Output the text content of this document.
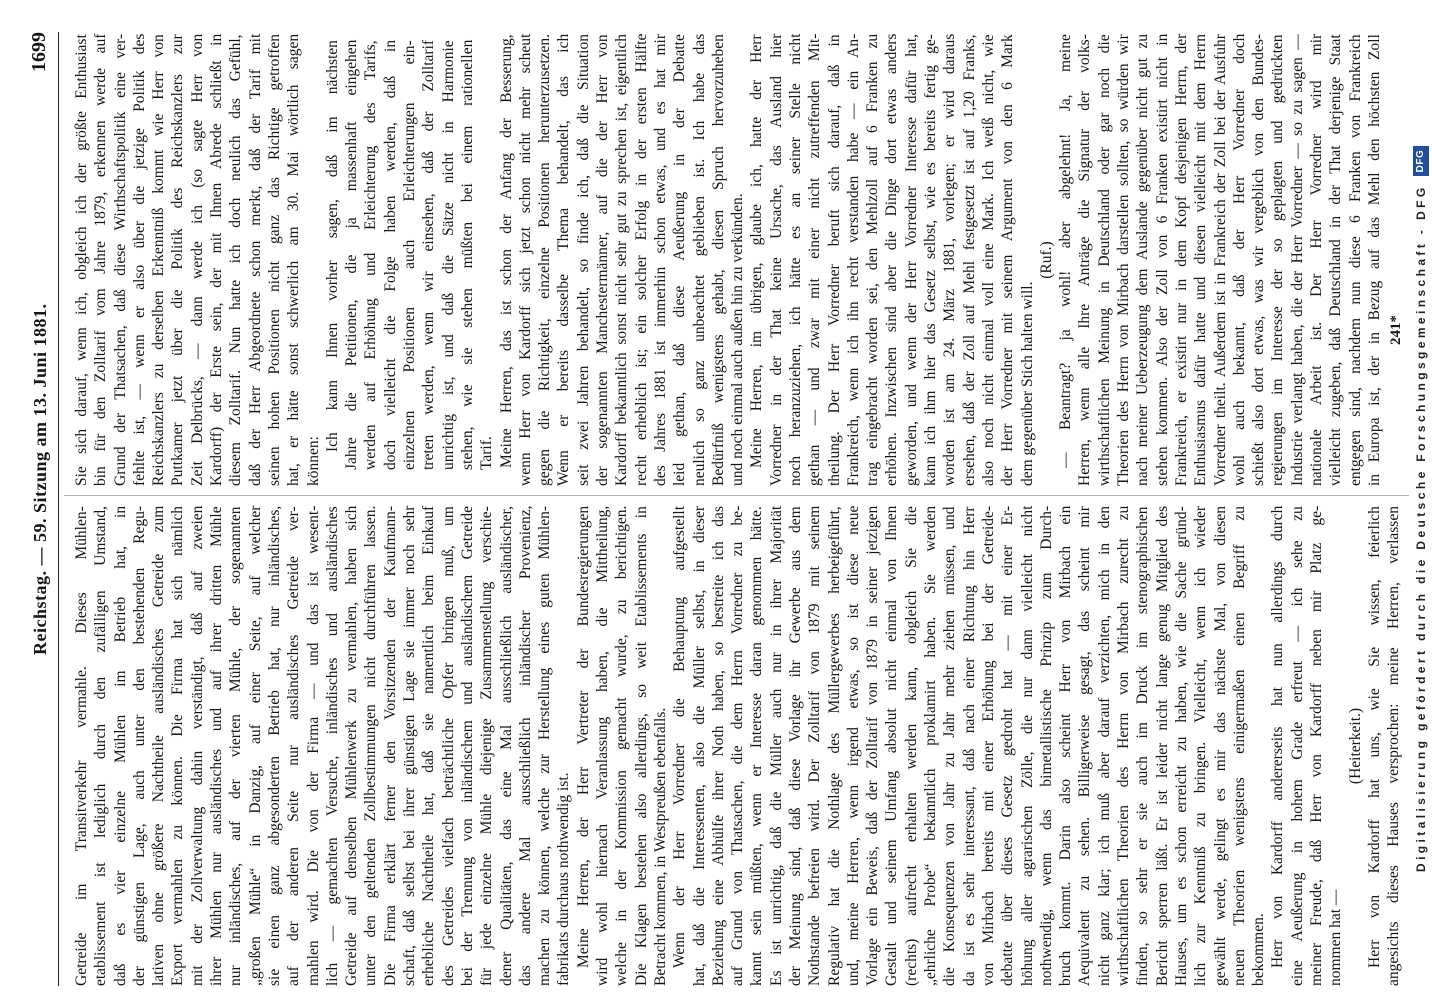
Reichstag. — 59. Sitzung am 13. Juni 1881.
1699
Getreide im Transitverkehr vermahle. Dieses Mühlen- etablissement ist lediglich durch den zufälligen Umstand, daß es vier einzelne Mühlen im Betrieb hat, in der günstigen Lage, auch unter den bestehenden Regu- lativen ohne größere Nachtheile ausländisches Getreide zum Export vermahlen zu können. Die Firma hat sich nämlich mit der Zollverwaltung dahin verständigt, daß auf zweien ihrer Mühlen nur ausländisches und auf ihrer dritten Mühle nur inländisches, auf der vierten Mühle, der sogenannten „großen Mühle“ in Danzig, auf einer Seite, auf welcher sie einen ganz abgesonderten Betrieb hat, nur inländisches, auf der anderen Seite nur ausländisches Getreide ver- mahlen wird. Die von der Firma — und das ist wesent- lich — gemachten Versuche, inländisches und ausländisches Getreide auf denselben Mühlenwerk zu vermahlen, haben sich unter den geltenden Zollbestimmungen nicht durchführen lassen. Die Firma erklärt ferner den Vorsitzenden der Kaufmann- schaft, daß selbst bei ihrer günstigen Lage sie immer noch sehr erhebliche Nachtheile hat, daß sie namentlich beim Einkauf des Getreides vielfach beträchtliche Opfer bringen muß, um bei der Trennung von inländischem und ausländischem Getreide für jede einzelne Mühle diejenige Zusammenstellung verschie- dener Qualitäten, das eine Mal ausschließlich ausländischer, das andere Mal ausschließlich inländischer Provenienz, machen zu können, welche zur Herstellung eines guten Mühlen- fabrikats durchaus nothwendig ist. Meine Herren, der Herr Vertreter der Bundesregierungen wird wohl hiernach Veranlassung haben, die Mittheilung, welche in der Kommission gemacht wurde, zu berichtigen. Die Klagen bestehen also allerdings, so weit Etablissements in Betracht kommen, in Westpreußen ebenfalls. Wenn der Herr Vorredner die Behauptung aufgestellt hat, daß die Interessenten, also die Müller selbst, in dieser Beziehung eine Abhülfe ihrer Noth haben, so bestreite ich das auf Grund von Thatsachen, die dem Herrn Vorredner zu be- kannt sein müßten, wenn er Interesse daran genommen hätte. Es ist unrichtig, daß die Müller auch nur in ihrer Majorität der Meinung sind, daß diese Vorlage ihr Gewerbe aus dem Nothstande befreien wird. Der Zolltarif von 1879 mit seinem Regulativ hat die Nothlage des Müllergewerbes herbeigeführt, und, meine Herren, wenn irgend etwas, so ist diese neue Vorlage ein Beweis, daß der Zolltarif von 1879 in seiner jetzigen Gestalt und seinem Umfang absolut nicht einmal von Ihnen (rechts) aufrecht erhalten werden kann, obgleich Sie die „ehrliche Probe“ bekanntlich proklamirt haben. Sie werden die Konsequenzen von Jahr zu Jahr mehr ziehen müssen, und da ist es sehr interessant, daß nach einer Richtung hin Herr von Mirbach bereits mit einer Erhöhung bei der Getreide- debatte über dieses Gesetz gedroht hat — mit einer Er- höhung aller agrarischen Zölle, die nur dann vielleicht nicht nothwendig, wenn das bimetallistische Prinzip zum Durch- bruch kommt. Darin also scheint Herr von Mirbach ein Aequivalent zu sehen. Billigerweise gesagt, das scheint mir nicht ganz klar; ich muß aber darauf verzichten, mich in den wirthschaftlichen Theorien des Herrn von Mirbach zurecht zu finden, so sehr er sie auch im Druck im stenographischen Bericht sperren läßt. Er ist leider nicht lange genug Mitglied des Hauses, um es schon erreicht zu haben, wie die Sache gründ- lich zur Kenntniß zu bringen. Vielleicht, wenn ich wieder gewählt werde, gelingt es mir das nächste Mal, von diesen neuen Theorien wenigstens einigermaßen einen Begriff zu bekommen. Herr von Kardorff andererseits hat nun allerdings durch eine Aeußerung in hohem Grade erfreut — ich sehe zu meiner Freude, daß Herr von Kardorff neben mir Platz ge- nommen hat —
(Heiterkeit.) Herr von Kardorff hat uns, wie Sie wissen, feierlich angesichts dieses Hauses versprochen: meine Herren, verlassen
Sie sich darauf, wenn ich, obgleich ich der größte Enthusiast bin für den Zolltarif vom Jahre 1879, erkennen werde auf Grund der Thatsachen, daß diese Wirthschaftspolitik eine ver- fehlte ist, — wenn er also über die jetzige Politik des Reichskanzlers zu derselben Erkenntniß kommt wie Herr von Puttkamer jetzt über die Politik des Reichskanzlers zur Zeit Delbrücks, — dann werde ich (so sagte Herr von Kardorff) der Erste sein, der mit Ihnen Abrede schließt in diesem Zolltarif. Nun hatte ich doch neulich das Gefühl, daß der Herr Abgeordnete schon merkt, daß der Tarif mit seinen hohen Positionen nicht ganz das Richtige getroffen hat, er hätte sonst schwerlich am 30. Mai wörtlich sagen können:
Ich kann Ihnen vorher sagen, daß im nächsten Jahre die Petitionen, die ja massenhaft eingehen werden auf Erhöhung und Erleichterung des Tarifs, doch vielleicht die Folge haben werden, daß in einzelnen Positionen auch Erleichterungen ein- treten werden, wenn wir einsehen, daß der Zolltarif unrichtig ist, und daß die Sätze nicht in Harmonie stehen, wie sie stehen müßten bei einem rationellen Tarif. Meine Herren, das ist schon der Anfang der Besserung, wenn Herr von Kardorff sich jetzt schon nicht mehr scheut gegen die Richtigkeit, einzelne Positionen herunterzusetzen. Wenn er bereits dasselbe Thema behandelt, das ich seit zwei Jahren behandelt, so finde ich, daß die Situation der sogenannten Manchestermänner, auf die der Herr von Kardorff bekanntlich sonst nicht sehr gut zu sprechen ist, eigentlich recht erheblich ist; ein solcher Erfolg in der ersten Hälfte des Jahres 1881 ist immerhin schon etwas, und es hat mir leid gethan, daß diese Aeußerung in der Debatte neulich so ganz unbeachtet geblieben ist. Ich habe das Bedürfniß wenigstens gehabt, diesen Spruch hervorzuheben und noch einmal auch außen hin zu verkünden. Meine Herren, im übrigen, glaube ich, hatte der Herr Vorredner in der That keine Ursache, das Ausland hier noch heranzuziehen, ich hätte es an seiner Stelle nicht gethan — und zwar mit einer nicht zutreffenden Mit- theilung. Der Herr Vorredner beruft sich darauf, daß in Frankreich, wenn ich ihn recht verstanden habe — ein An- trag eingebracht worden sei, den Mehlzoll auf 6 Franken zu erhöhen. Inzwischen sind aber die Dinge dort etwas anders geworden, und wenn der Herr Vorredner Interesse dafür hat, kann ich ihm hier das Gesetz selbst, wie es bereits fertig ge- worden ist am 24. März 1881, vorlegen; er wird daraus ersehen, daß der Zoll auf Mehl festgesetzt ist auf 1,20 Franks, also noch nicht einmal voll eine Mark. Ich weiß nicht, wie der Herr Vorredner mit seinem Argument von den 6 Mark dem gegenüber Stich halten will.
(Ruf.) — Beantragt? ja wohl! aber abgelehnt! Ja, meine Herren, wenn alle Ihre Anträge die Signatur der volks- wirthschaftlichen Meinung in Deutschland oder gar noch die Theorien des Herrn von Mirbach darstellen sollten, so würden wir nach meiner Ueberzeugung dem Auslande gegenüber nicht gut zu stehen kommen. Also der Zoll von 6 Franken existirt nicht in Frankreich, er existirt nur in dem Kopf desjenigen Herrn, der Enthusiasmus dafür hatte und diesen vielleicht mit dem Herrn Vorredner theilt. Außerdem ist in Frankreich der Zoll bei der Ausfuhr wohl auch bekannt, daß der Herr Vorredner doch schießt also dort etwas, was wir vergeblich von den Bundes- regierungen im Interesse der so geplagten und gedrückten Industrie verlangt haben, die der Herr Vorredner — so zu sagen — nationale Arbeit ist. Der Herr Vorredner wird mir vielleicht zugeben, daß Deutschland in der That derjenige Staat entgegen sind, nachdem nun diese 6 Franken von Frankreich in Europa ist, der in Bezug auf das Mehl den höchsten Zoll 241* Digitalisierung gefördert durch die Deutsche Forschungsgemeinschaft - DFG
DFG
